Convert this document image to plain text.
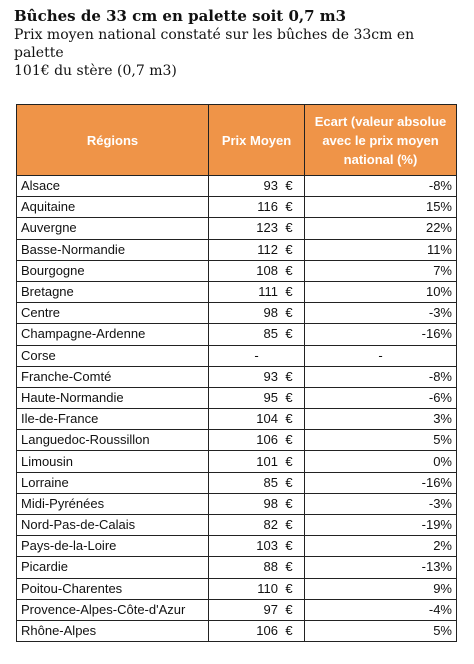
Bûches de 33 cm en palette soit 0,7 m3
Prix moyen national constaté sur les bûches de 33cm en palette
101€ du stère (0,7 m3)
Régions	Prix Moyen	Ecart (valeur absolue avec le prix moyen national (%)
Alsace	93 €	-8%
Aquitaine	116 €	15%
Auvergne	123 €	22%
Basse-Normandie	112 €	11%
Bourgogne	108 €	7%
Bretagne	111 €	10%
Centre	98 €	-3%
Champagne-Ardenne	85 €	-16%
Corse	-	-
Franche-Comté	93 €	-8%
Haute-Normandie	95 €	-6%
Ile-de-France	104 €	3%
Languedoc-Roussillon	106 €	5%
Limousin	101 €	0%
Lorraine	85 €	-16%
Midi-Pyrénées	98 €	-3%
Nord-Pas-de-Calais	82 €	-19%
Pays-de-la-Loire	103 €	2%
Picardie	88 €	-13%
Poitou-Charentes	110 €	9%
Provence-Alpes-Côte-d'Azur	97 €	-4%
Rhône-Alpes	106 €	5%
